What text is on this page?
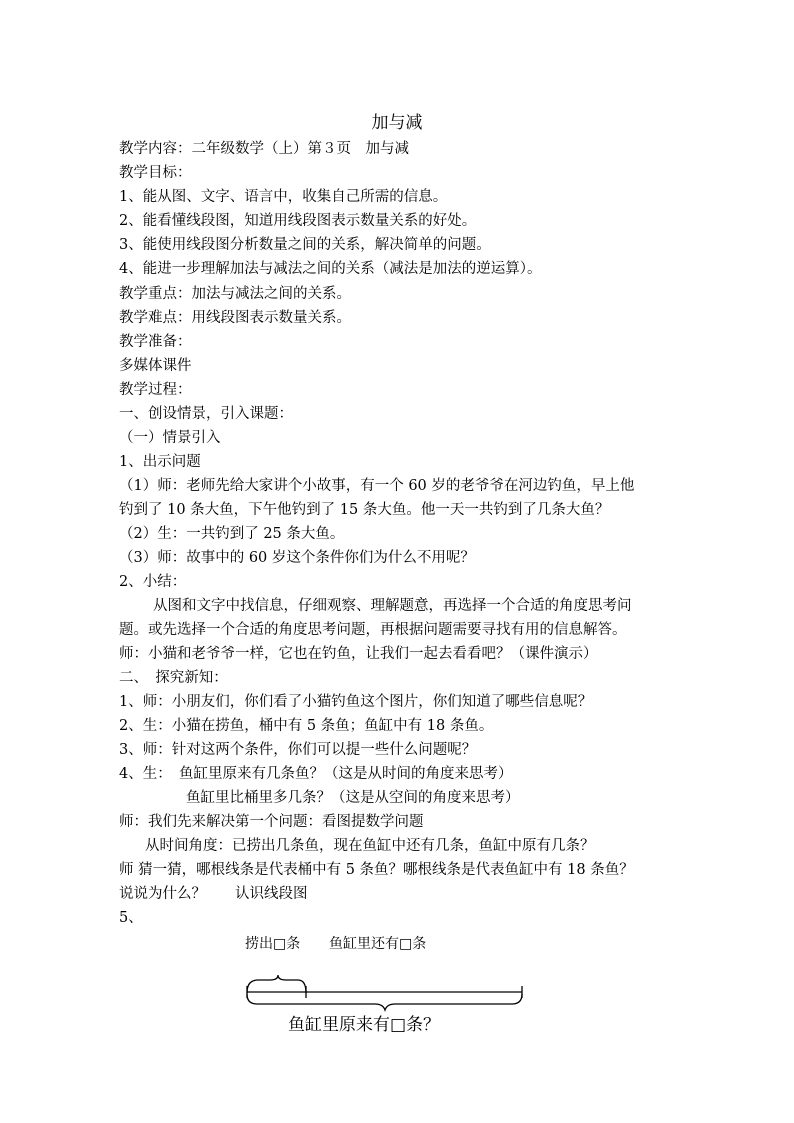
加与减
教学内容：二年级数学（上）第３页　加与减
教学目标：
1、能从图、文字、语言中，收集自己所需的信息。
2、能看懂线段图，知道用线段图表示数量关系的好处。
3、能使用线段图分析数量之间的关系，解决简单的问题。
4、能进一步理解加法与减法之间的关系（减法是加法的逆运算）。
教学重点：加法与减法之间的关系。
教学难点：用线段图表示数量关系。
教学准备：
多媒体课件
教学过程：
一、创设情景，引入课题：
（一）情景引入
1、出示问题
（1）师：老师先给大家讲个小故事，有一个 60 岁的老爷爷在河边钓鱼，早上他
钓到了 10 条大鱼，下午他钓到了 15 条大鱼。他一天一共钓到了几条大鱼？
（2）生：一共钓到了 25 条大鱼。
（3）师：故事中的 60 岁这个条件你们为什么不用呢？
2、小结：
从图和文字中找信息，仔细观察、理解题意，再选择一个合适的角度思考问
题。或先选择一个合适的角度思考问题，再根据问题需要寻找有用的信息解答。
师：小猫和老爷爷一样，它也在钓鱼，让我们一起去看看吧？（课件演示）
二、　探究新知：
1、师：小朋友们，你们看了小猫钓鱼这个图片，你们知道了哪些信息呢？
2、生：小猫在捞鱼，桶中有 5 条鱼；鱼缸中有 18 条鱼。
3、师：针对这两个条件，你们可以提一些什么问题呢？
4、生：　鱼缸里原来有几条鱼？（这是从时间的角度来思考）
鱼缸里比桶里多几条？（这是从空间的角度来思考）
师：我们先来解决第一个问题：看图提数学问题
从时间角度：已捞出几条鱼，现在鱼缸中还有几条，鱼缸中原有几条？
师 猜一猜，哪根线条是代表桶中有 5 条鱼？哪根线条是代表鱼缸中有 18 条鱼？
说说为什么？　　认识线段图
5、
捞出□条 鱼缸里还有□条
鱼缸里原来有□条？
